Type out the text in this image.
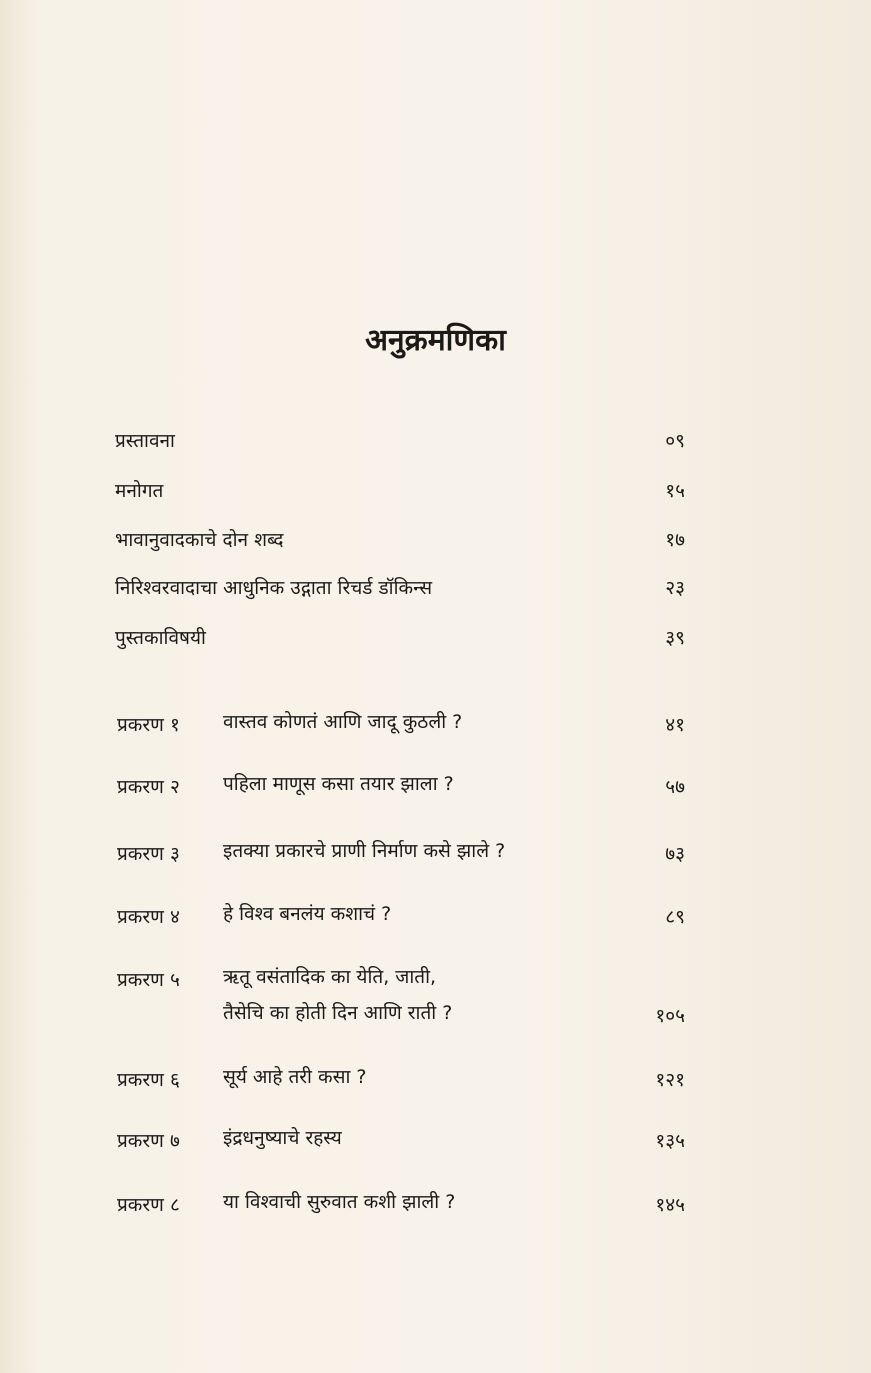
अनुक्रमणिका
प्रस्तावना	०९
मनोगत	१५
भावानुवादकाचे दोन शब्द	१७
निरिश्वरवादाचा आधुनिक उद्गाता रिचर्ड डॉकिन्स	२३
पुस्तकाविषयी	३९
प्रकरण १ वास्तव कोणतं आणि जादू कुठली ?	४१
प्रकरण २ पहिला माणूस कसा तयार झाला ?	५७
प्रकरण ३ इतक्या प्रकारचे प्राणी निर्माण कसे झाले ?	७३
प्रकरण ४ हे विश्व बनलंय कशाचं ?	८९
प्रकरण ५ ऋतू वसंतादिक का येति, जाती,
तैसेचि का होती दिन आणि राती ?	१०५
प्रकरण ६ सूर्य आहे तरी कसा ?	१२१
प्रकरण ७ इंद्रधनुष्याचे रहस्य	१३५
प्रकरण ८ या विश्वाची सुरुवात कशी झाली ?	१४५
